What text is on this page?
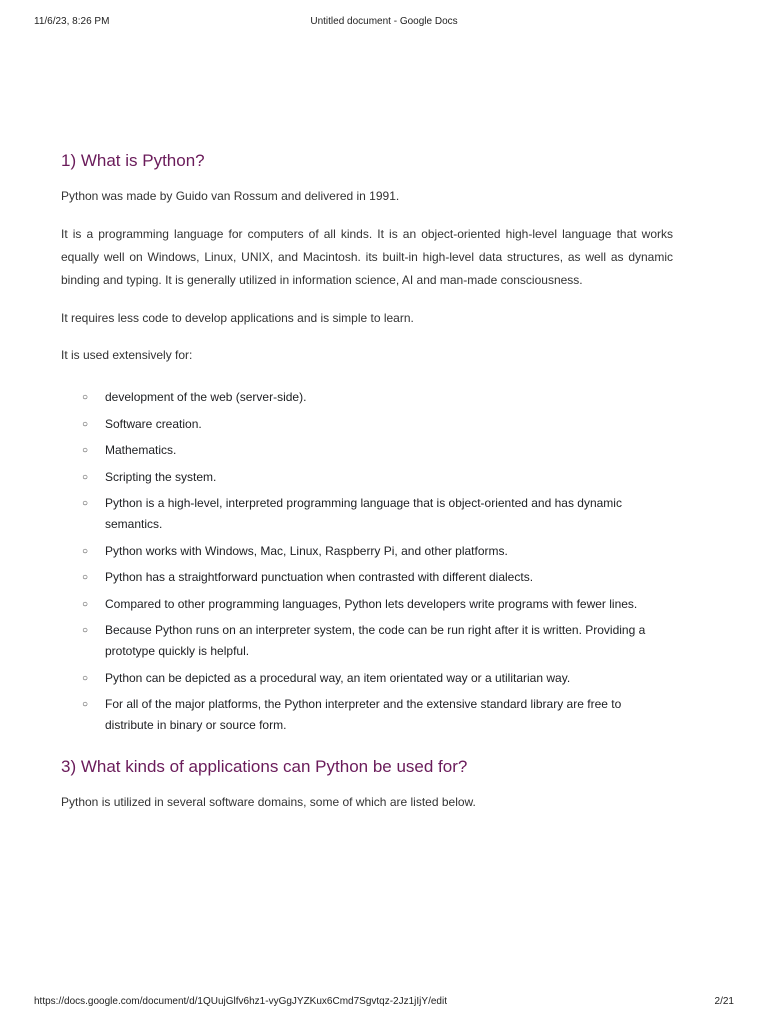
11/6/23, 8:26 PM	Untitled document - Google Docs
1) What is Python?

Python was made by Guido van Rossum and delivered in 1991.

It is a programming language for computers of all kinds. It is an object-oriented high-level language that works equally well on Windows, Linux, UNIX, and Macintosh. its built-in high-level data structures, as well as dynamic binding and typing. It is generally utilized in information science, AI and man-made consciousness.

It requires less code to develop applications and is simple to learn.

It is used extensively for:

○ development of the web (server-side).
○ Software creation.
○ Mathematics.
○ Scripting the system.
○ Python is a high-level, interpreted programming language that is object-oriented and has dynamic semantics.
○ Python works with Windows, Mac, Linux, Raspberry Pi, and other platforms.
○ Python has a straightforward punctuation when contrasted with different dialects.
○ Compared to other programming languages, Python lets developers write programs with fewer lines.
○ Because Python runs on an interpreter system, the code can be run right after it is written. Providing a prototype quickly is helpful.
○ Python can be depicted as a procedural way, an item orientated way or a utilitarian way.
○ For all of the major platforms, the Python interpreter and the extensive standard library are free to distribute in binary or source form.
3) What kinds of applications can Python be used for?

Python is utilized in several software domains, some of which are listed below.

https://docs.google.com/document/d/1QUujGlfv6hz1-vyGgJYZKux6Cmd7Sgvtqz-2Jz1jIjY/edit	2/21
